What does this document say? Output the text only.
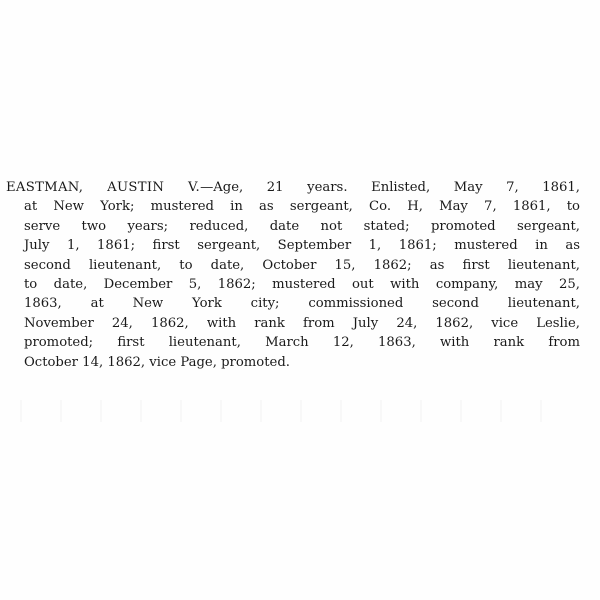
EASTMAN, AUSTIN V.—Age, 21 years. Enlisted, May 7, 1861,
at New York; mustered in as sergeant, Co. H, May 7, 1861, to
serve two years; reduced, date not stated; promoted sergeant,
July 1, 1861; first sergeant, September 1, 1861; mustered in as
second lieutenant, to date, October 15, 1862; as first lieutenant,
to date, December 5, 1862; mustered out with company, may 25,
1863, at New York city; commissioned second lieutenant,
November 24, 1862, with rank from July 24, 1862, vice Leslie,
promoted; first lieutenant, March 12, 1863, with rank from
October 14, 1862, vice Page, promoted.
